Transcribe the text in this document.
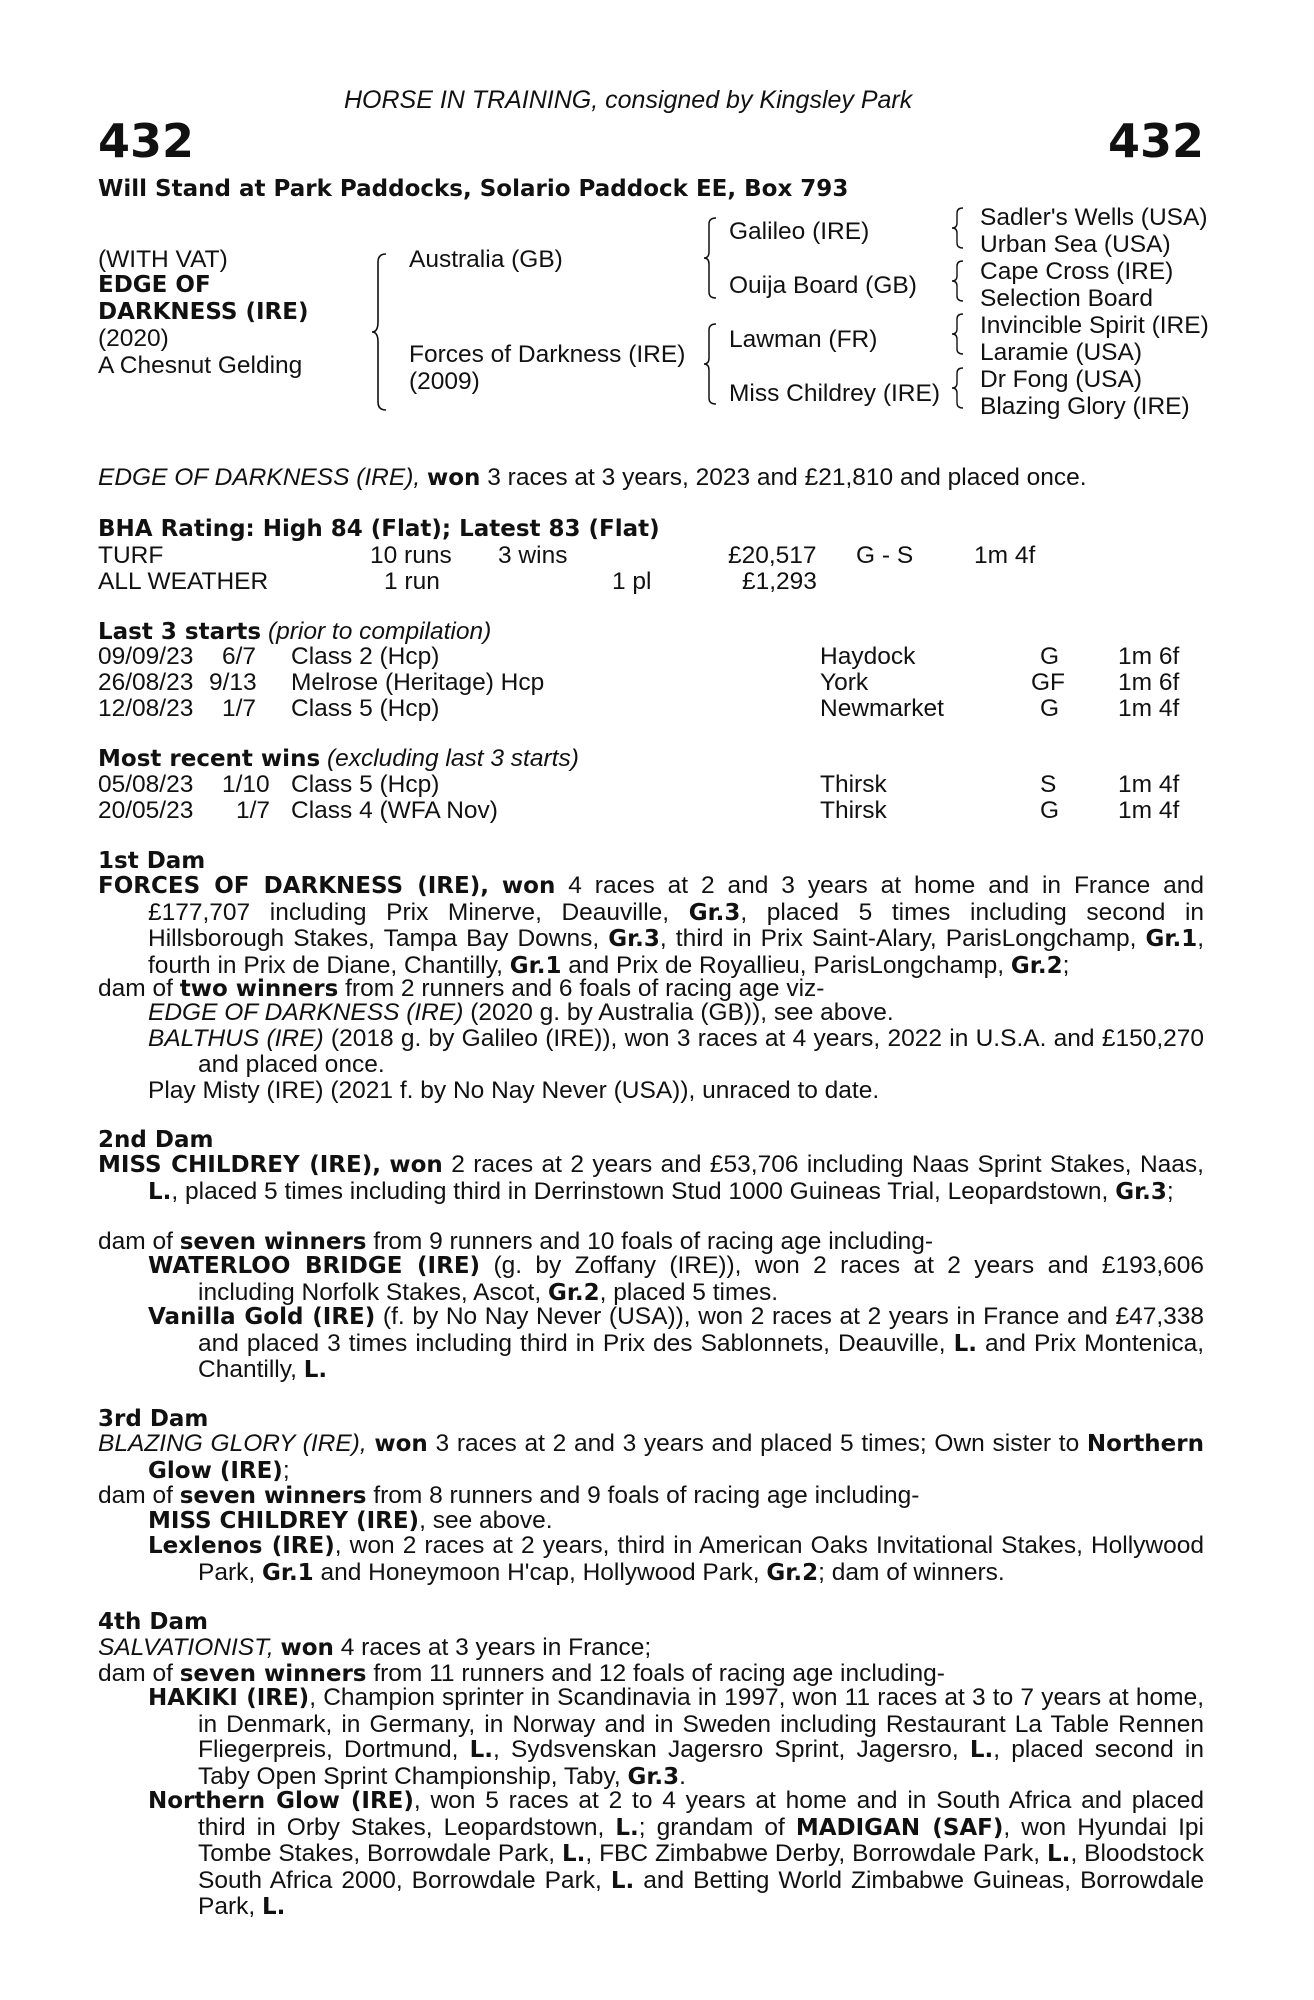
HORSE IN TRAINING, consigned by Kingsley Park
432	432
Will Stand at Park Paddocks, Solario Paddock EE, Box 793
(WITH VAT)
EDGE OF
DARKNESS (IRE)
(2020)
A Chesnut Gelding
Australia (GB)
Forces of Darkness (IRE)
(2009)
Galileo (IRE)
Ouija Board (GB)
Lawman (FR)
Miss Childrey (IRE)
Sadler's Wells (USA)
Urban Sea (USA)
Cape Cross (IRE)
Selection Board
Invincible Spirit (IRE)
Laramie (USA)
Dr Fong (USA)
Blazing Glory (IRE)
EDGE OF DARKNESS (IRE), won 3 races at 3 years, 2023 and £21,810 and placed once.
BHA Rating: High 84 (Flat); Latest 83 (Flat)
TURF	10 runs 3 wins	£20,517 G - S 1m 4f
ALL WEATHER	1 run	1 pl	£1,293
Last 3 starts (prior to compilation)
09/09/23 6/7 Class 2 (Hcp)	Haydock	G 1m 6f
26/08/23 9/13 Melrose (Heritage) Hcp	York	GF 1m 6f
12/08/23 1/7 Class 5 (Hcp)	Newmarket	G 1m 4f
Most recent wins (excluding last 3 starts)
05/08/23 1/10 Class 5 (Hcp)	Thirsk	S	1m 4f
20/05/23 1/7 Class 4 (WFA Nov)	Thirsk	G 1m 4f
1st Dam
FORCES OF DARKNESS (IRE), won 4 races at 2 and 3 years at home and in France and £177,707 including Prix Minerve, Deauville, Gr.3, placed 5 times including second in Hillsborough Stakes, Tampa Bay Downs, Gr.3, third in Prix Saint-Alary, ParisLongchamp, Gr.1, fourth in Prix de Diane, Chantilly, Gr.1 and Prix de Royallieu, ParisLongchamp, Gr.2;
dam of two winners from 2 runners and 6 foals of racing age viz-
EDGE OF DARKNESS (IRE) (2020 g. by Australia (GB)), see above.
BALTHUS (IRE) (2018 g. by Galileo (IRE)), won 3 races at 4 years, 2022 in U.S.A. and £150,270 and placed once.
Play Misty (IRE) (2021 f. by No Nay Never (USA)), unraced to date.
2nd Dam
MISS CHILDREY (IRE), won 2 races at 2 years and £53,706 including Naas Sprint Stakes, Naas, L., placed 5 times including third in Derrinstown Stud 1000 Guineas Trial, Leopardstown, Gr.3;
dam of seven winners from 9 runners and 10 foals of racing age including-
WATERLOO BRIDGE (IRE) (g. by Zoffany (IRE)), won 2 races at 2 years and £193,606 including Norfolk Stakes, Ascot, Gr.2, placed 5 times.
Vanilla Gold (IRE) (f. by No Nay Never (USA)), won 2 races at 2 years in France and £47,338 and placed 3 times including third in Prix des Sablonnets, Deauville, L. and Prix Montenica, Chantilly, L.
3rd Dam
BLAZING GLORY (IRE), won 3 races at 2 and 3 years and placed 5 times; Own sister to Northern Glow (IRE);
dam of seven winners from 8 runners and 9 foals of racing age including-
MISS CHILDREY (IRE), see above.
Lexlenos (IRE), won 2 races at 2 years, third in American Oaks Invitational Stakes, Hollywood Park, Gr.1 and Honeymoon H'cap, Hollywood Park, Gr.2; dam of winners.
4th Dam
SALVATIONIST, won 4 races at 3 years in France;
dam of seven winners from 11 runners and 12 foals of racing age including-
HAKIKI (IRE), Champion sprinter in Scandinavia in 1997, won 11 races at 3 to 7 years at home, in Denmark, in Germany, in Norway and in Sweden including Restaurant La Table Rennen Fliegerpreis, Dortmund, L., Sydsvenskan Jagersro Sprint, Jagersro, L., placed second in Taby Open Sprint Championship, Taby, Gr.3.
Northern Glow (IRE), won 5 races at 2 to 4 years at home and in South Africa and placed third in Orby Stakes, Leopardstown, L.; grandam of MADIGAN (SAF), won Hyundai Ipi Tombe Stakes, Borrowdale Park, L., FBC Zimbabwe Derby, Borrowdale Park, L., Bloodstock South Africa 2000, Borrowdale Park, L. and Betting World Zimbabwe Guineas, Borrowdale Park, L.
